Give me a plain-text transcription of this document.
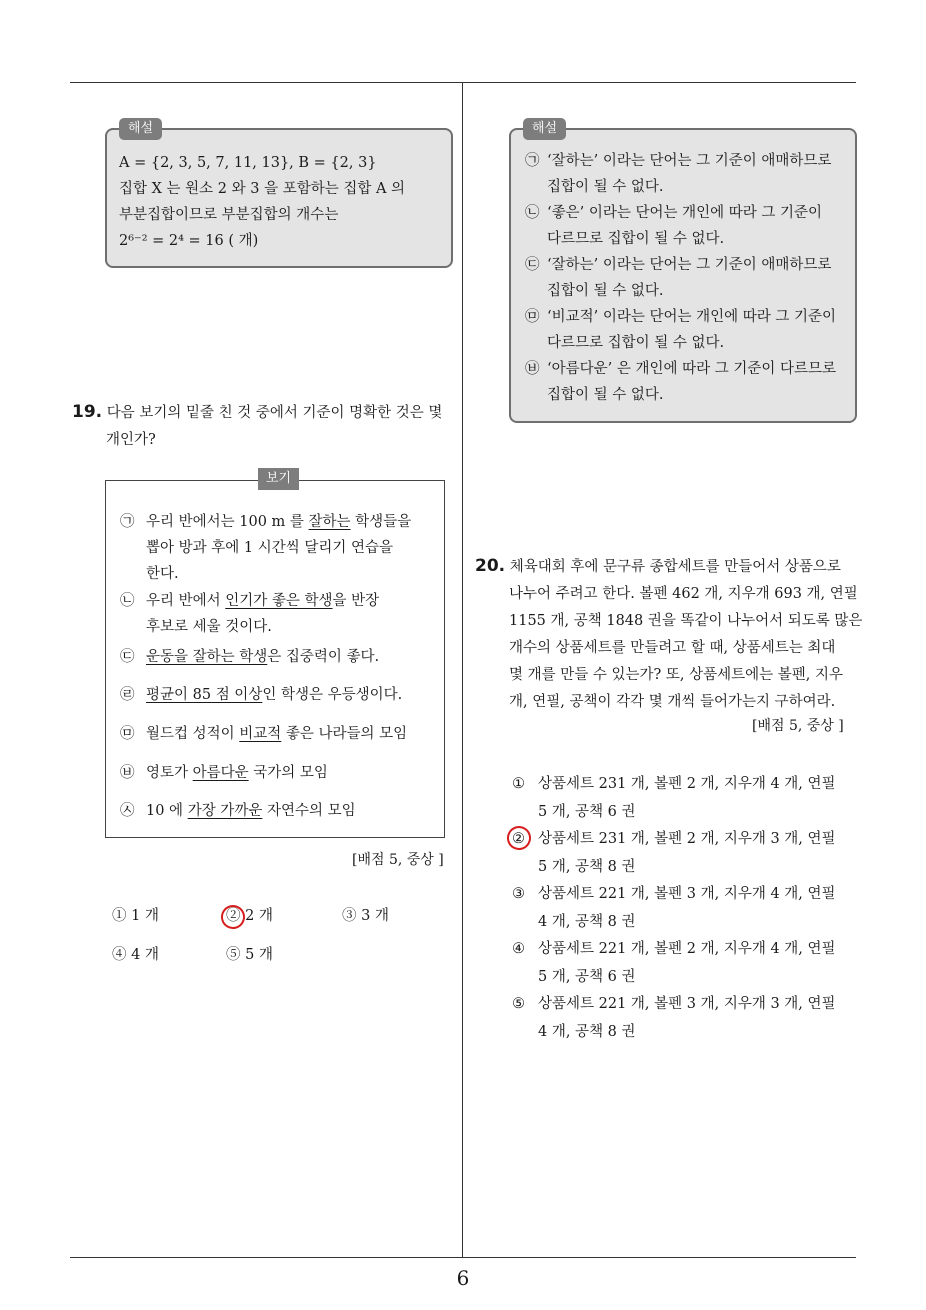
해설
A = {2, 3, 5, 7, 11, 13}, B = {2, 3}
집합 X 는 원소 2 와 3 을 포함하는 집합 A 의
부분집합이므로 부분집합의 개수는
2⁶⁻² = 2⁴ = 16 ( 개)
해설
㉠ ‘잘하는’ 이라는 단어는 그 기준이 애매하므로
집합이 될 수 없다.
㉡ ‘좋은’ 이라는 단어는 개인에 따라 그 기준이
다르므로 집합이 될 수 없다.
㉢ ‘잘하는’ 이라는 단어는 그 기준이 애매하므로
집합이 될 수 없다.
㉤ ‘비교적’ 이라는 단어는 개인에 따라 그 기준이
다르므로 집합이 될 수 없다.
㉥ ‘아름다운’ 은 개인에 따라 그 기준이 다르므로
집합이 될 수 없다.
19. 다음 보기의 밑줄 친 것 중에서 기준이 명확한 것은 몇
개인가?
보기
㉠ 우리 반에서는 100 m 를 잘하는 학생들을
뽑아 방과 후에 1 시간씩 달리기 연습을
한다.
㉡ 우리 반에서 인기가 좋은 학생을 반장
후보로 세울 것이다.
㉢ 운동을 잘하는 학생은 집중력이 좋다.
㉣ 평균이 85 점 이상인 학생은 우등생이다.
㉤ 월드컵 성적이 비교적 좋은 나라들의 모임
㉥ 영토가 아름다운 국가의 모임
㉦ 10 에 가장 가까운 자연수의 모임
[배점 5, 중상 ]
① 1 개	② 2 개	③ 3 개
④ 4 개	⑤ 5 개
20. 체육대회 후에 문구류 종합세트를 만들어서 상품으로
나누어 주려고 한다. 볼펜 462 개, 지우개 693 개, 연필
1155 개, 공책 1848 권을 똑같이 나누어서 되도록 많은
개수의 상품세트를 만들려고 할 때, 상품세트는 최대
몇 개를 만들 수 있는가? 또, 상품세트에는 볼펜, 지우
개, 연필, 공책이 각각 몇 개씩 들어가는지 구하여라.
[배점 5, 중상 ]
① 상품세트 231 개, 볼펜 2 개, 지우개 4 개, 연필
5 개, 공책 6 권
② 상품세트 231 개, 볼펜 2 개, 지우개 3 개, 연필
5 개, 공책 8 권
③ 상품세트 221 개, 볼펜 3 개, 지우개 4 개, 연필
4 개, 공책 8 권
④ 상품세트 221 개, 볼펜 2 개, 지우개 4 개, 연필
5 개, 공책 6 권
⑤ 상품세트 221 개, 볼펜 3 개, 지우개 3 개, 연필
4 개, 공책 8 권
6
